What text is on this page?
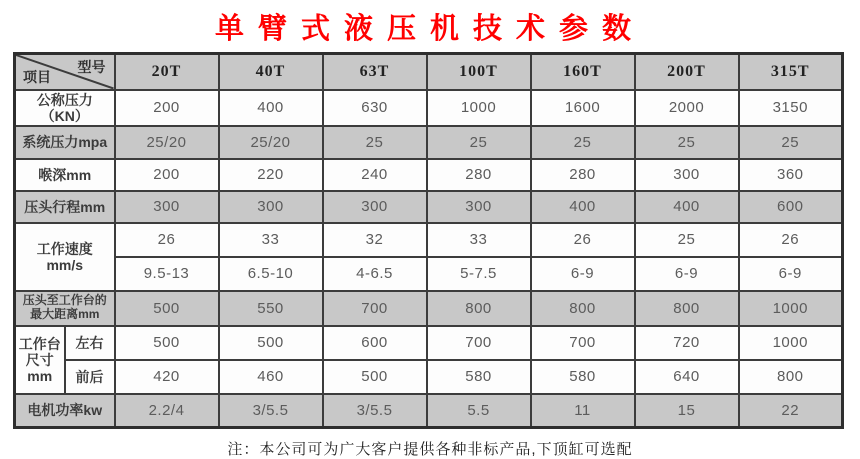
单臂式液压机技术参数
型号
项目		20T	40T	63T	100T	160T	200T	315T
公称压力（KN）		200	400	630	1000	1600	2000	3150
系统压力mpa		25/20	25/20	25	25	25	25	25
喉深mm		200	220	240	280	280	300	360
压头行程mm		300	300	300	300	400	400	600

工作速度
mm/s		26	33	32	33	26	25	26
		9.5-13	6.5-10	4-6.5	5-7.5	6-9	6-9	6-9

压头至工作台的
最大距离mm		500	550	700	800	800	800	1000

工作台
尺寸
mm	左右	500	500	600	700	700	720	1000
	前后	420	460	500	580	580	640	800
电机功率kw		2.2/4	3/5.5	3/5.5	5.5	11	15	22

注：本公司可为广大客户提供各种非标产品,下顶缸可选配
